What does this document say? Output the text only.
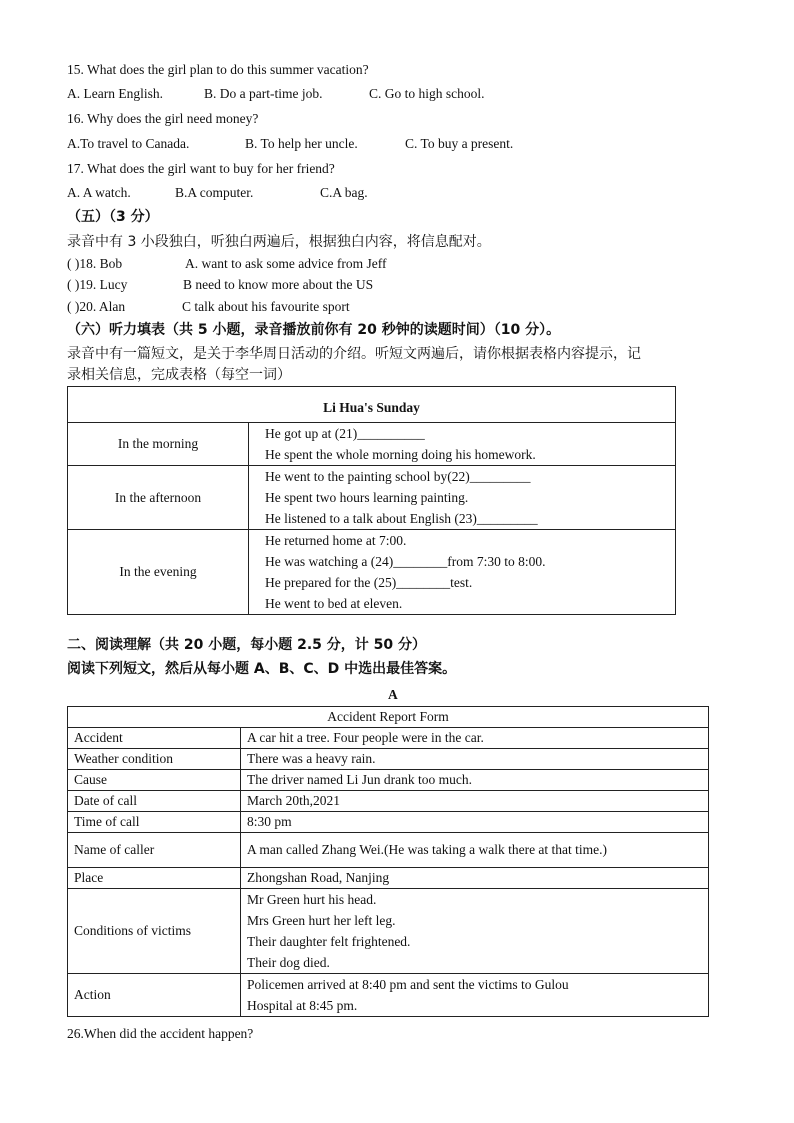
15. What does the girl plan to do this summer vacation?
A. Learn English.	B. Do a part-time job.	C. Go to high school.
16. Why does the girl need money?
A.To travel to Canada.	B. To help her uncle.	C. To buy a present.
17. What does the girl want to buy for her friend?
A. A watch.	B.A computer.	C.A bag.
（五）（3 分）
录音中有 3 小段独白，听独白两遍后，根据独白内容，将信息配对。
( )18. Bob	A. want to ask some advice from Jeff
( )19. Lucy	B need to know more about the US
( )20. Alan	C talk about his favourite sport
（六）听力填表（共 5 小题，录音播放前你有 20 秒钟的读题时间）（10 分）。
录音中有一篇短文，是关于李华周日活动的介绍。听短文两遍后，请你根据表格内容提示，记
录相关信息，完成表格（每空一词）
Li Hua's Sunday	
In the morning	He got up at (21)__________
He spent the whole morning doing his homework.

In the afternoon	He went to the painting school by(22)_________
He spent two hours learning painting.
He listened to a talk about English (23)_________

In the evening	He returned home at 7:00.
He was watching a (24)________from 7:30 to 8:00.
He prepared for the (25)________test.
He went to bed at eleven.
二、阅读理解（共 20 小题，每小题 2.5 分，计 50 分）
阅读下列短文，然后从每小题 A、B、C、D 中选出最佳答案。
A
Accident Report Form	
Accident	A car hit a tree. Four people were in the car.
Weather condition	There was a heavy rain.
Cause	The driver named Li Jun drank too much.
Date of call	March 20th,2021
Time of call	8:30 pm
Name of caller	A man called Zhang Wei.(He was taking a walk there at that time.)
Place	Zhongshan Road, Nanjing
Conditions of victims	Mr Green hurt his head.
Mrs Green hurt her left leg.
Their daughter felt frightened.
Their dog died.

Action	Policemen arrived at 8:40 pm and sent the victims to Gulou
Hospital at 8:45 pm.
26.When did the accident happen?
